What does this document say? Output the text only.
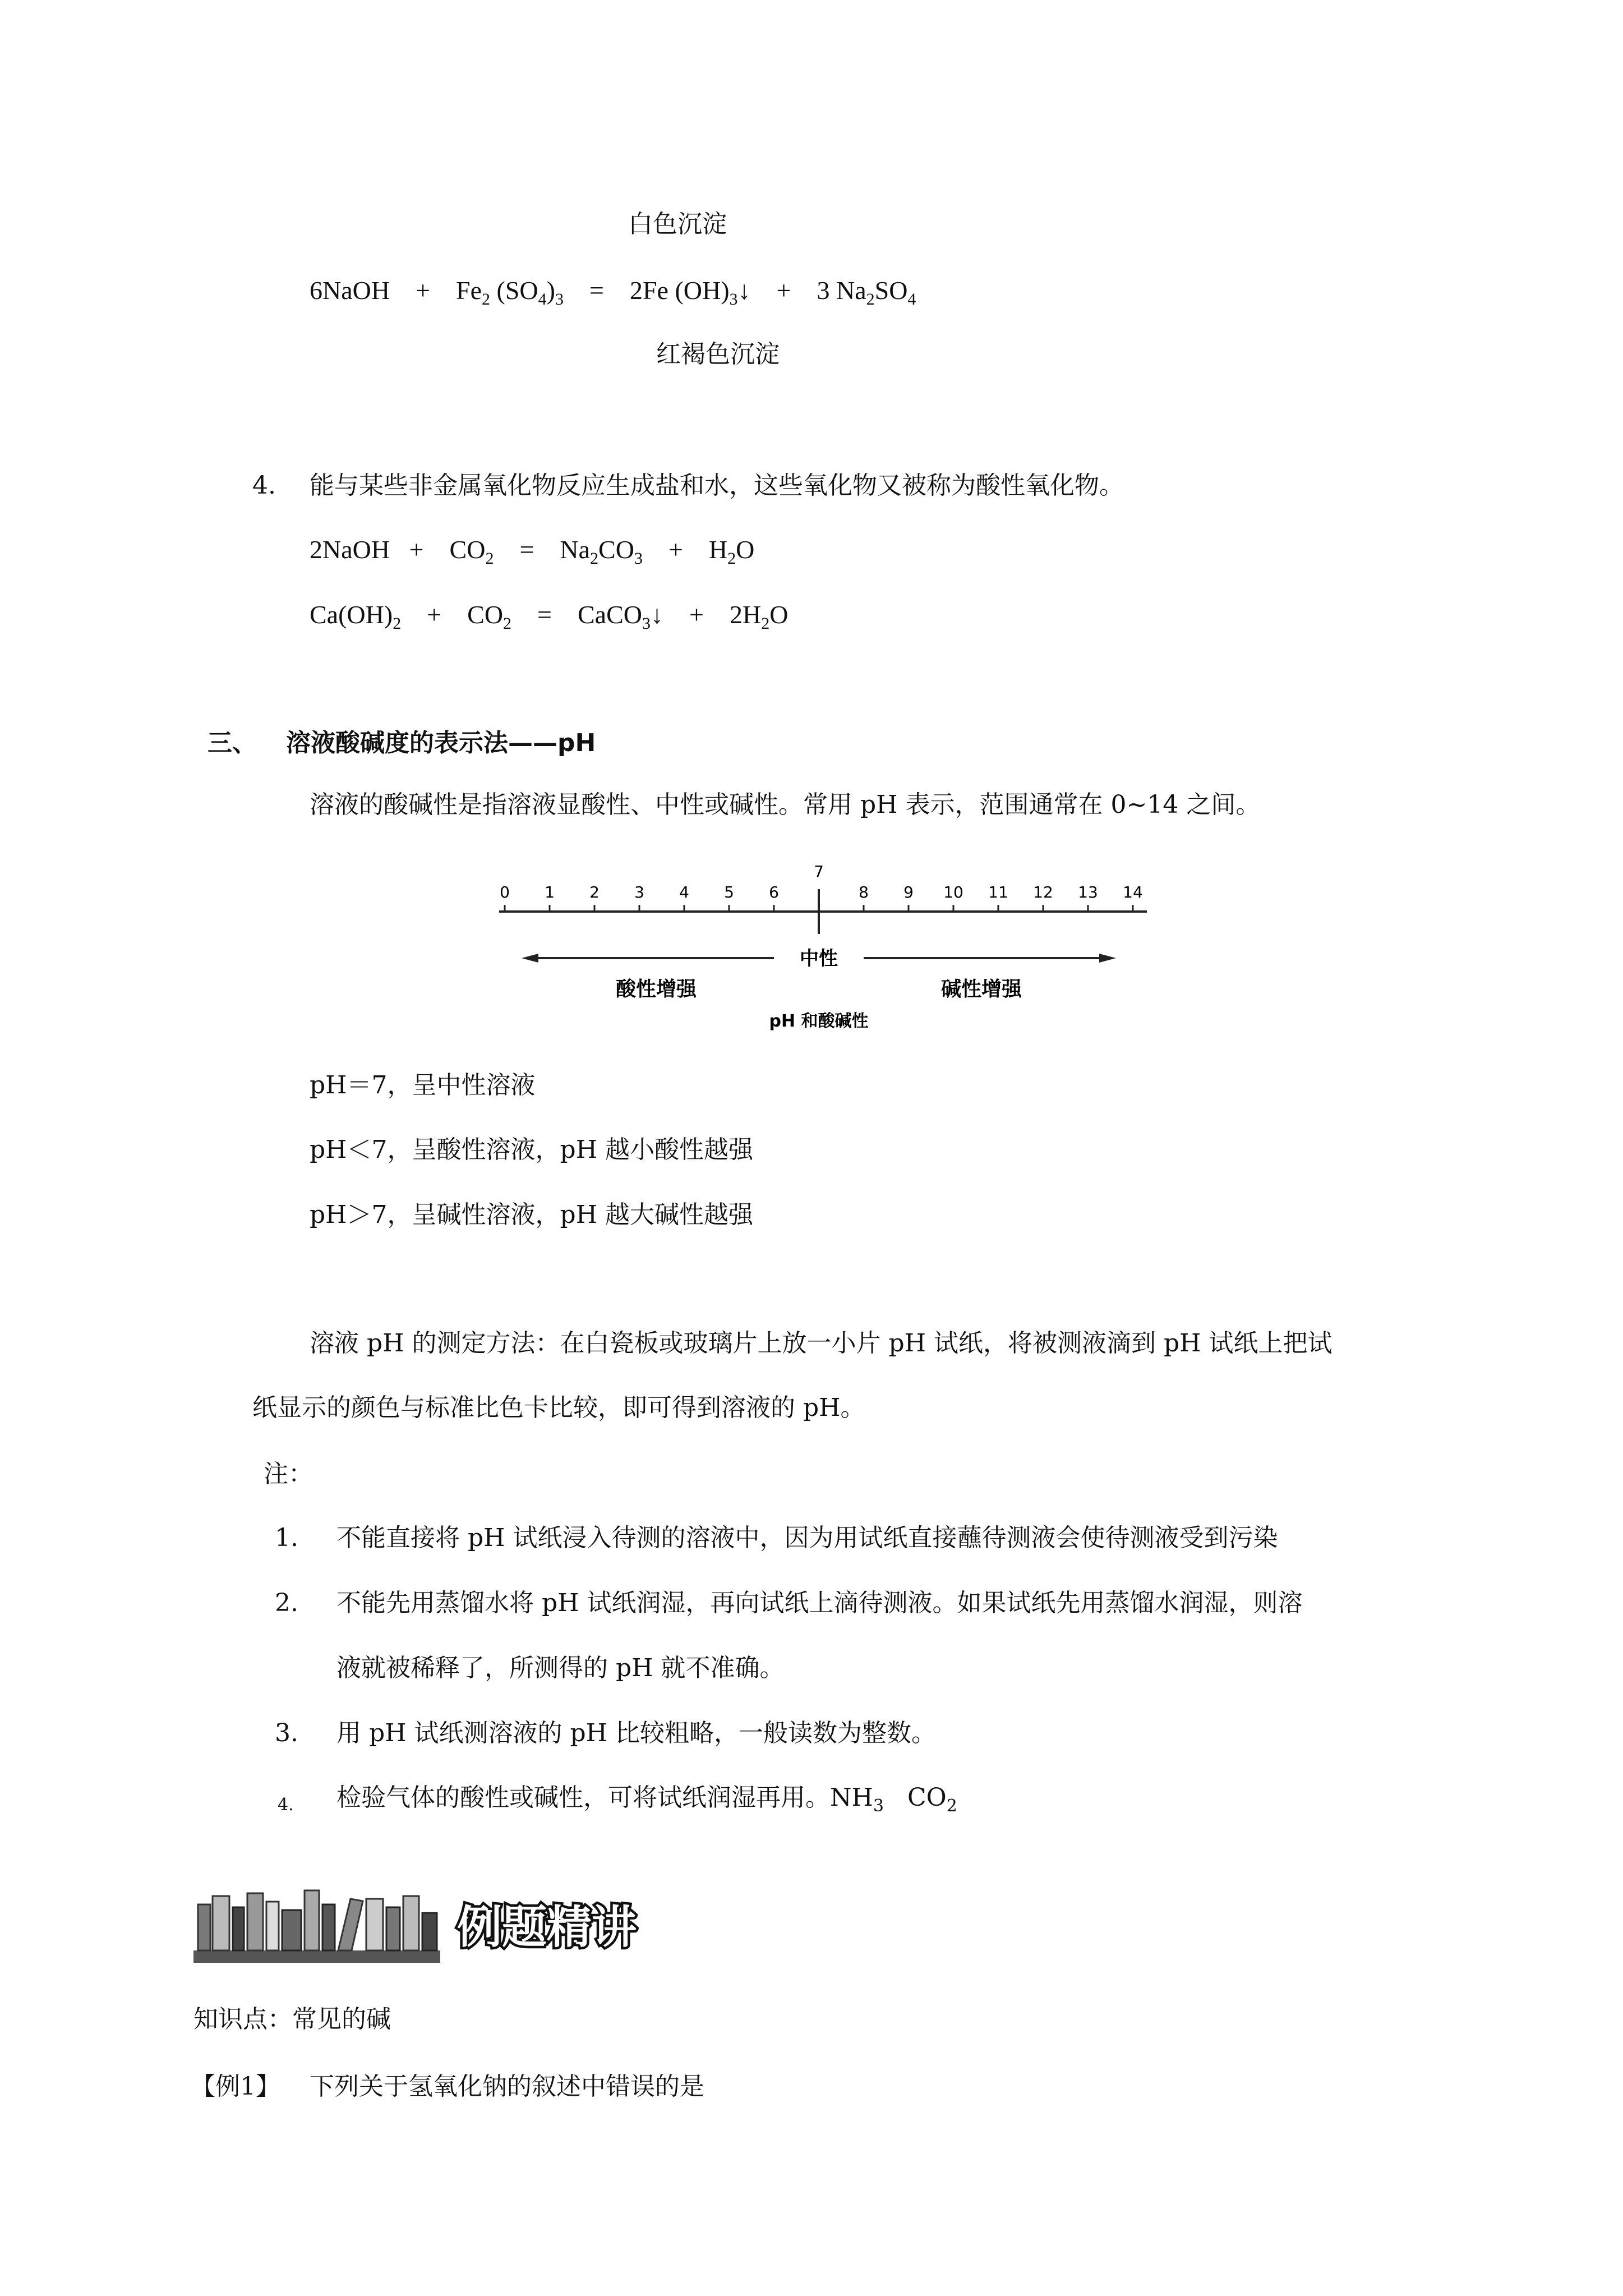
白色沉淀
6NaOH + $Fe_2$ $(SO_4)_3 = 2Fe$ $(OH)_3↓ + 3$ $Na_2SO_4$
红褐色沉淀
4. 能与某些非金属氧化物反应生成盐和水，这些氧化物又被称为酸性氧化物。
2NaOH + $CO_2 = Na_2CO_3 + H_2O$
$Ca(OH)_2 + CO_2$ = CaCO$_3$↓ + $2H_2O$
三、 溶液酸碱度的表示法——pH
溶液的酸碱性是指溶液显酸性、中性或碱性。常用 pH 表示，范围通常在 0~14 之间。
0 1 2 3 4 5 6
7
8 9 10 11 12 13 14
中性
酸性增强	碱性增强
pH 和酸碱性
pH＝7，呈中性溶液
pH＜7，呈酸性溶液，pH 越小酸性越强
pH＞7，呈碱性溶液，pH 越大碱性越强
溶液 pH 的测定方法：在白瓷板或玻璃片上放一小片 pH 试纸，将被测液滴到 pH 试纸上把试
纸显示的颜色与标准比色卡比较，即可得到溶液的 pH。
注：
1. 不能直接将 pH 试纸浸入待测的溶液中，因为用试纸直接蘸待测液会使待测液受到污染
2. 不能先用蒸馏水将 pH 试纸润湿，再向试纸上滴待测液。如果试纸先用蒸馏水润湿，则溶
液就被稀释了，所测得的 pH 就不准确。
3. 用 pH 试纸测溶液的 pH 比较粗略，一般读数为整数。
4. 检验气体的酸性或碱性，可将试纸润湿再用。$NH_3$ $CO_2$
例题精讲
知识点：常见的碱
【例1】 下列关于氢氧化钠的叙述中错误的是
